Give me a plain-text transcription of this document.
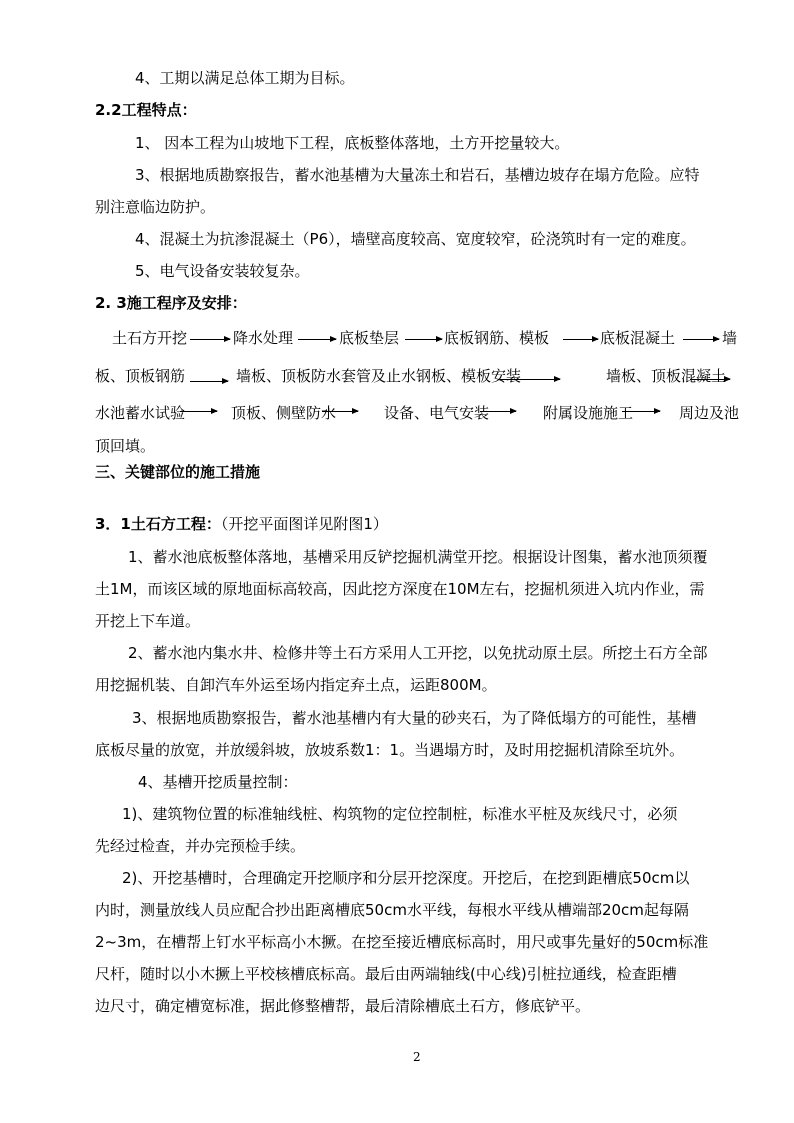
4、工期以满足总体工期为目标。
2.2工程特点：
1、 因本工程为山坡地下工程，底板整体落地，土方开挖量较大。
3、根据地质勘察报告，蓄水池基槽为大量冻土和岩石，基槽边坡存在塌方危险。应特
别注意临边防护。
4、混凝土为抗渗混凝土（P6），墙壁高度较高、宽度较窄，砼浇筑时有一定的难度。
5、电气设备安装较复杂。
2. 3施工程序及安排：
土石方开挖	降水处理	底板垫层	底板钢筋、模板	底板混凝土	墙
板、顶板钢筋	墙板、顶板防水套管及止水钢板、模板安装	墙板、顶板混凝土
水池蓄水试验	顶板、侧壁防水	设备、电气安装	附属设施施工	周边及池
顶回填。
三、关键部位的施工措施
3．1土石方工程：（开挖平面图详见附图1）
1、蓄水池底板整体落地，基槽采用反铲挖掘机满堂开挖。根据设计图集，蓄水池顶须覆
土1M，而该区域的原地面标高较高，因此挖方深度在10M左右，挖掘机须进入坑内作业，需
开挖上下车道。
2、蓄水池内集水井、检修井等土石方采用人工开挖，以免扰动原土层。所挖土石方全部
用挖掘机装、自卸汽车外运至场内指定弃土点，运距800M。
3、根据地质勘察报告，蓄水池基槽内有大量的砂夹石，为了降低塌方的可能性，基槽
底板尽量的放宽，并放缓斜坡，放坡系数1：1。当遇塌方时，及时用挖掘机清除至坑外。
4、基槽开挖质量控制：
1)、建筑物位置的标准轴线桩、构筑物的定位控制桩，标准水平桩及灰线尺寸，必须
先经过检查，并办完预检手续。
2)、开挖基槽时，合理确定开挖顺序和分层开挖深度。开挖后，在挖到距槽底50cm以
内时，测量放线人员应配合抄出距离槽底50cm水平线，每根水平线从槽端部20cm起每隔
2~3m，在槽帮上钉水平标高小木撅。在挖至接近槽底标高时，用尺或事先量好的50cm标准
尺杆，随时以小木撅上平校核槽底标高。最后由两端轴线(中心线)引桩拉通线，检查距槽
边尺寸，确定槽宽标准，据此修整槽帮，最后清除槽底土石方，修底铲平。
2
